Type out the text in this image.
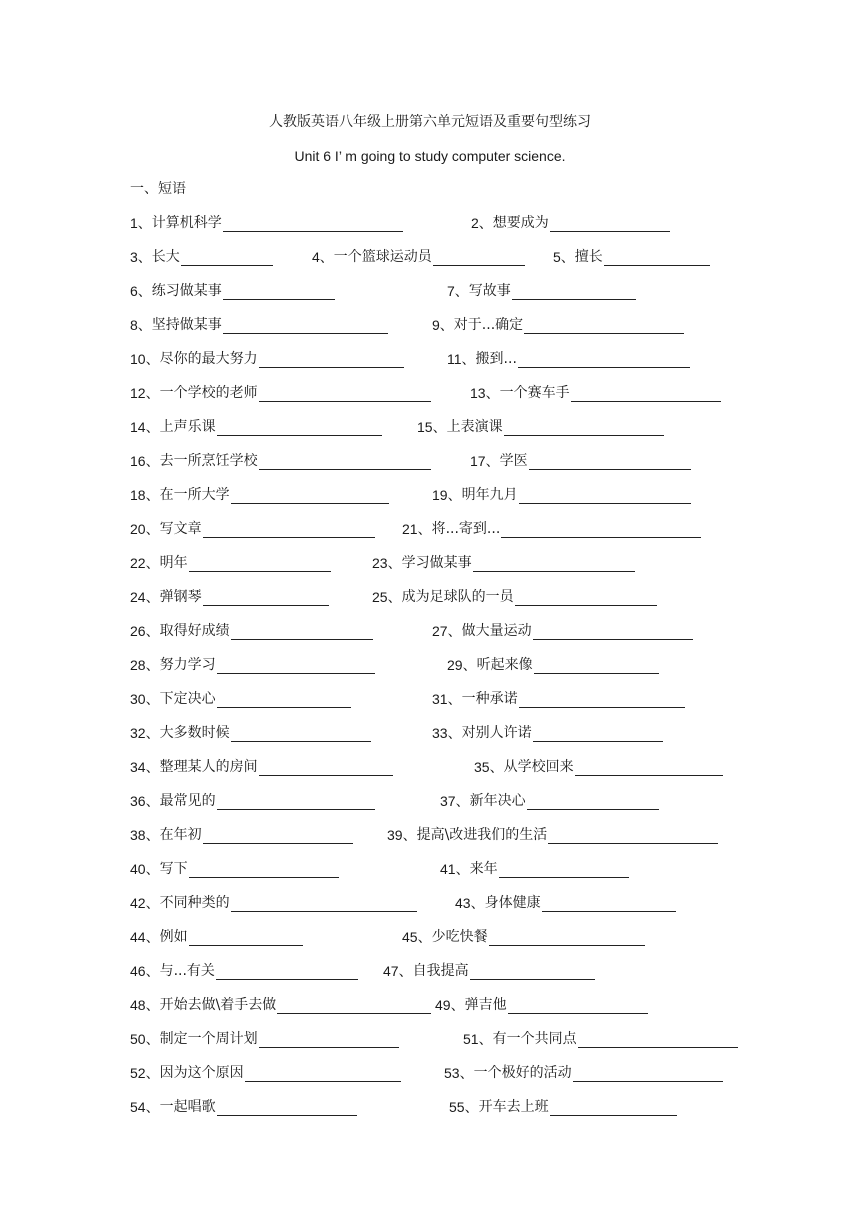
人教版英语八年级上册第六单元短语及重要句型练习
Unit 6 I’ m going to study computer science.
一、短语
1、 计算机科学	2、 想要成为
3、 长大	4、 一个篮球运动员	5、 擅长
6、 练习做某事	7、 写故事
8、 坚持做某事	9、 对于...确定
10、 尽你的最大努力	11、 搬到...
12、 一个学校的老师	13、 一个赛车手
14、 上声乐课	15、 上表演课
16、 去一所烹饪学校	17、 学医
18、 在一所大学	19、 明年九月
20、 写文章	21、 将...寄到...
22、 明年	23、 学习做某事
24、 弹钢琴	25、 成为足球队的一员
26、 取得好成绩	27、 做大量运动
28、 努力学习	29、 听起来像
30、 下定决心	31、 一种承诺
32、 大多数时候	33、 对别人许诺
34、 整理某人的房间	35、 从学校回来
36、 最常见的	37、 新年决心
38、 在年初	39、 提高\改进我们的生活
40、 写下	41、 来年
42、 不同种类的	43、 身体健康
44、 例如	45、 少吃快餐
46、 与...有关	47、 自我提高
48、 开始去做\着手去做	49、 弹吉他
50、 制定一个周计划	51、 有一个共同点
52、 因为这个原因	53、 一个极好的活动
54、 一起唱歌	55、 开车去上班
